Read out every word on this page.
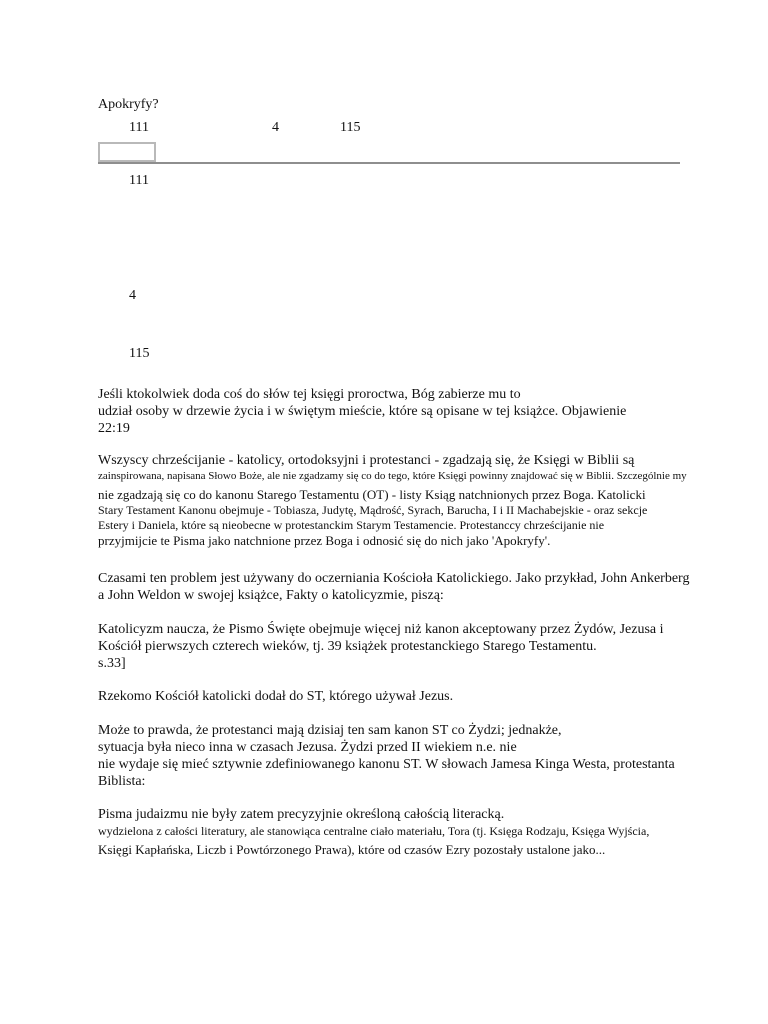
Apokryfy?
111	4	115
111
4
115
Jeśli ktokolwiek doda coś do słów tej księgi proroctwa, Bóg zabierze mu to
udział osoby w drzewie życia i w świętym mieście, które są opisane w tej książce. Objawienie
22:19
Wszyscy chrześcijanie - katolicy, ortodoksyjni i protestanci - zgadzają się, że Księgi w Biblii są
zainspirowana, napisana Słowo Boże, ale nie zgadzamy się co do tego, które Księgi powinny znajdować się w Biblii. Szczególnie my
nie zgadzają się co do kanonu Starego Testamentu (OT) - listy Ksiąg natchnionych przez Boga. Katolicki
Stary Testament Kanonu obejmuje - Tobiasza, Judytę, Mądrość, Syrach, Barucha, I i II Machabejskie - oraz sekcje
Estery i Daniela, które są nieobecne w protestanckim Starym Testamencie. Protestanccy chrześcijanie nie
przyjmijcie te Pisma jako natchnione przez Boga i odnosić się do nich jako 'Apokryfy'.
Czasami ten problem jest używany do oczerniania Kościoła Katolickiego. Jako przykład, John Ankerberg
a John Weldon w swojej książce, Fakty o katolicyzmie, piszą:
Katolicyzm naucza, że Pismo Święte obejmuje więcej niż kanon akceptowany przez Żydów, Jezusa i
Kościół pierwszych czterech wieków, tj. 39 książek protestanckiego Starego Testamentu.
s.33]
Rzekomo Kościół katolicki dodał do ST, którego używał Jezus.
Może to prawda, że protestanci mają dzisiaj ten sam kanon ST co Żydzi; jednakże,
sytuacja była nieco inna w czasach Jezusa. Żydzi przed II wiekiem n.e. nie
nie wydaje się mieć sztywnie zdefiniowanego kanonu ST. W słowach Jamesa Kinga Westa, protestanta
Biblista:
Pisma judaizmu nie były zatem precyzyjnie określoną całością literacką.
wydzielona z całości literatury, ale stanowiąca centralne ciało materiału, Tora (tj. Księga Rodzaju, Księga Wyjścia,
Księgi Kapłańska, Liczb i Powtórzonego Prawa), które od czasów Ezry pozostały ustalone jako...
